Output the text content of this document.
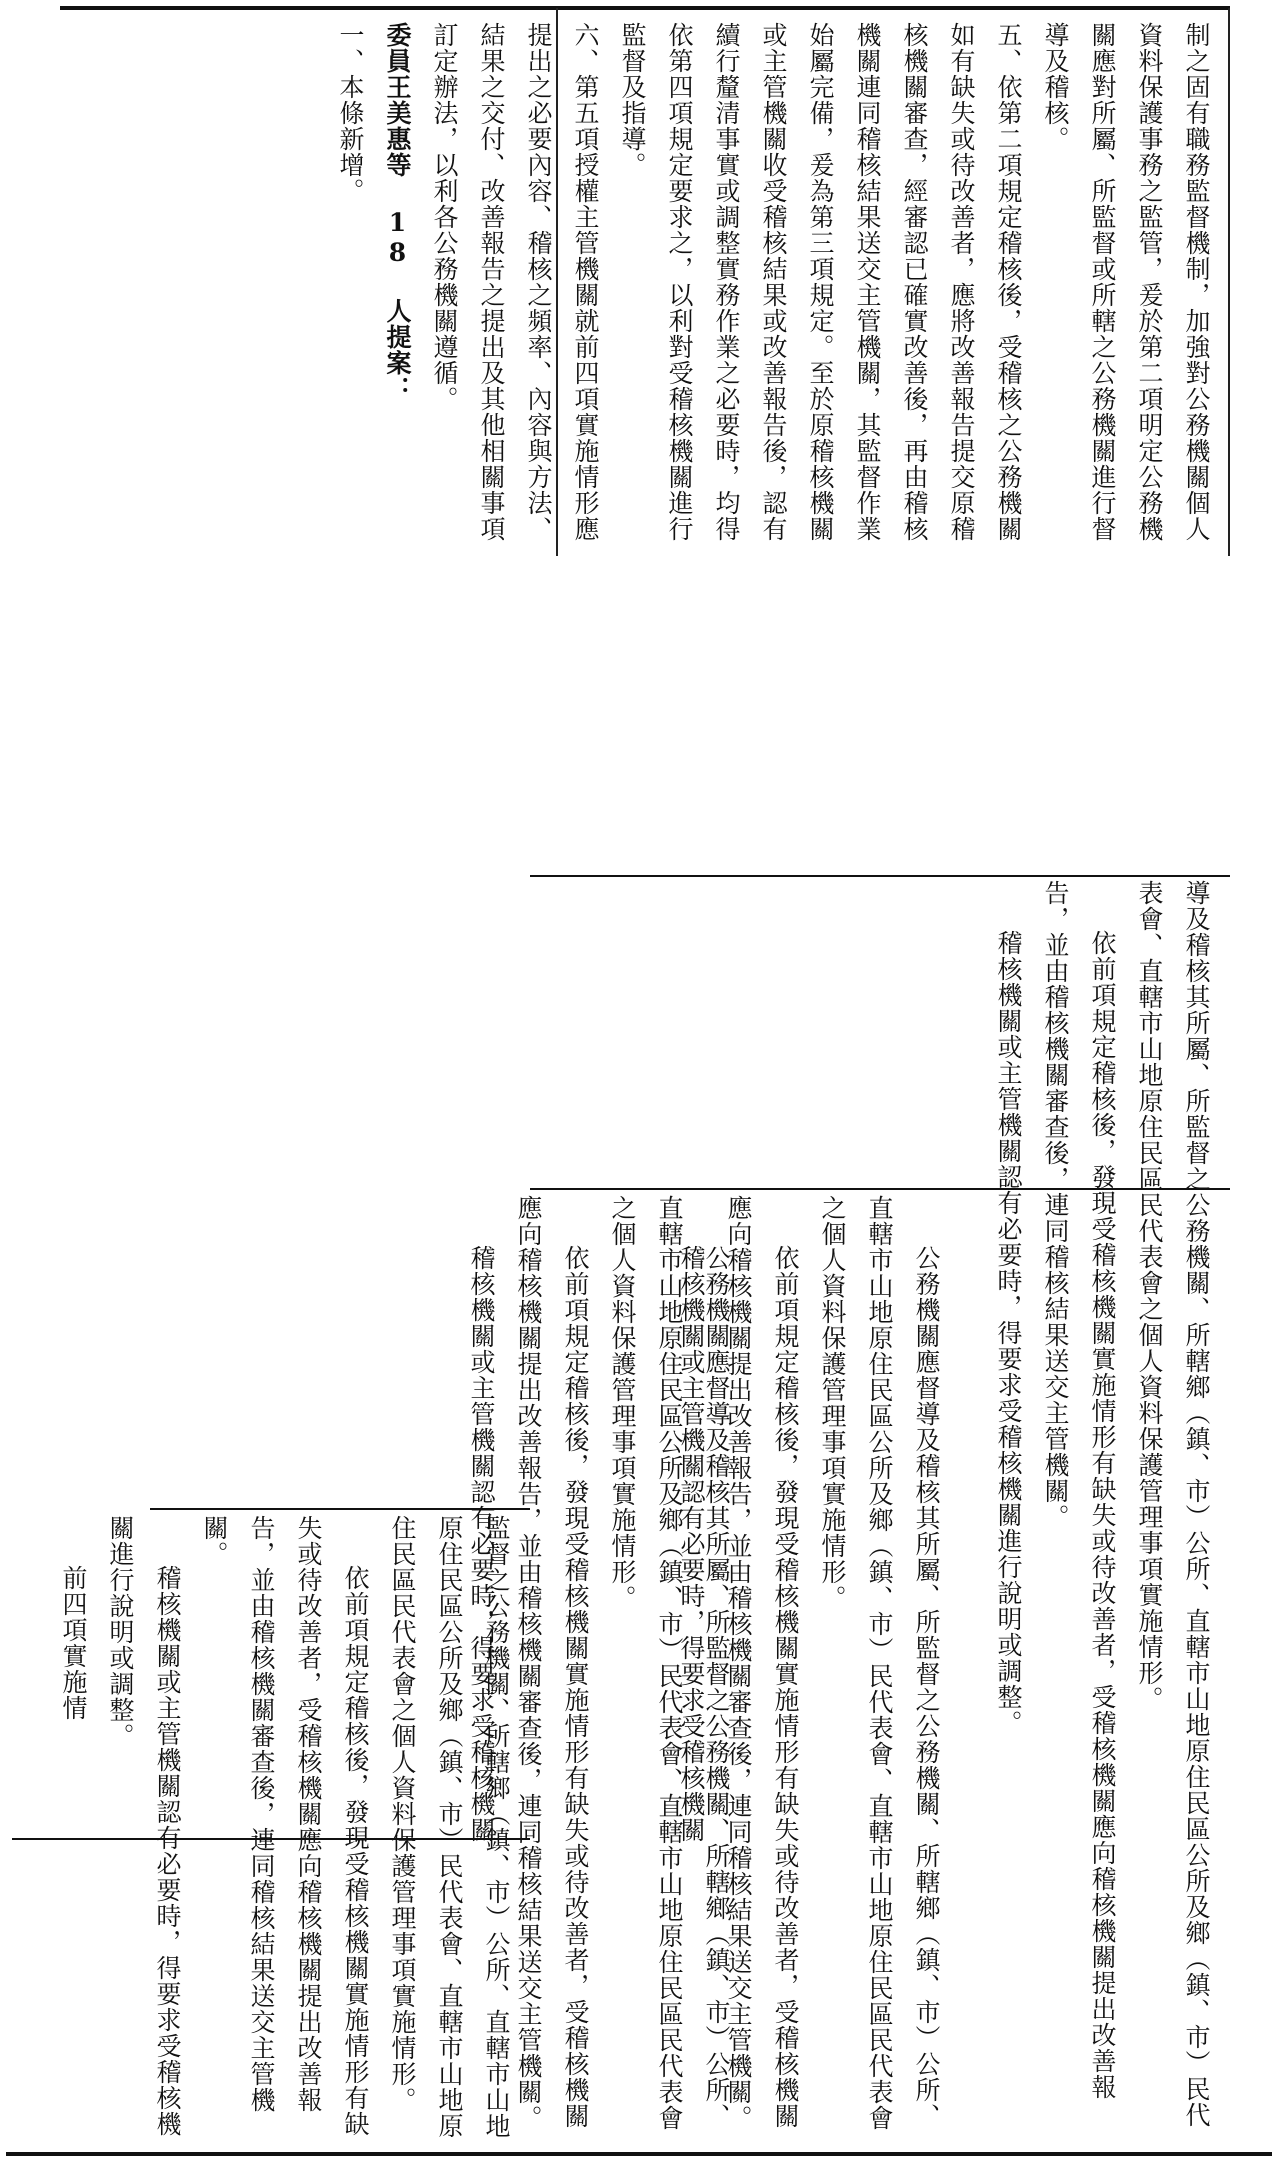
制之固有職務監督機制，加強對公務機關個人資料保護事務之監管，爰於第二項明定公務機關應對所屬、所監督或所轄之公務機關進行督導及稽核。

五、依第二項規定稽核後，受稽核之公務機關如有缺失或待改善者，應將改善報告提交原稽核機關審查，經審認已確實改善後，再由稽核機關連同稽核結果送交主管機關，其監督作業始屬完備，爰為第三項規定。至於原稽核機關或主管機關收受稽核結果或改善報告後，認有續行釐清事實或調整實務作業之必要時，均得依第四項規定要求之，以利對受稽核機關進行監督及指導。

六、第五項授權主管機關就前四項實施情形應提出之必要內容、稽核之頻率、內容與方法、結果之交付、改善報告之提出及其他相關事項訂定辦法，以利各公務機關遵循。

委員王美惠等 18 人提案：

一、本條新增。

導及稽核其所屬、所監督之公務機關、所轄鄉（鎮、市）公所、直轄市山地原住民區公所及鄉（鎮、市）民代表會、直轄市山地原住民區民代表會之個人資料保護管理事項實施情形。

依前項規定稽核後，發現受稽核機關實施情形有缺失或待改善者，受稽核機關應向稽核機關提出改善報告，並由稽核機關審查後，連同稽核結果送交主管機關。

稽核機關或主管機關認有必要時，得要求受稽核機關進行說明或調整。

公務機關應督導及稽核其所屬、所監督之公務機關、所轄鄉（鎮、市）公所、直轄市山地原住民區公所及鄉（鎮、市）民代表會、直轄市山地原住民區民代表會之個人資料保護管理事項實施情形。

依前項規定稽核後，發現受稽核機關實施情形有缺失或待改善者，受稽核機關應向稽核機關提出改善報告，並由稽核機關審查後，連同稽核結果送交主管機關。

稽核機關或主管機關認有必要時，得要求受稽核機關

公務機關應督導及稽核其所屬、所監督之公務機關、所轄鄉（鎮、市）公所、直轄市山地原住民區公所及鄉（鎮、市）民代表會、直轄市山地原住民區民代表會之個人資料保護管理事項實施情形。

依前項規定稽核後，發現受稽核機關實施情形有缺失或待改善者，受稽核機關應向稽核機關提出改善報告，並由稽核機關審查後，連同稽核結果送交主管機關。

稽核機關或主管機關認有必要時，得要求受稽核機關

監督之公務機關、所轄鄉（鎮、市）公所、直轄市山地原住民區公所及鄉（鎮、市）民代表會、直轄市山地原住民區民代表會之個人資料保護管理事項實施情形。

依前項規定稽核後，發現受稽核機關實施情形有缺失或待改善者，受稽核機關應向稽核機關提出改善報告，並由稽核機關審查後，連同稽核結果送交主管機關。

稽核機關或主管機關認有必要時，得要求受稽核機關進行說明或調整。

前四項實施情
